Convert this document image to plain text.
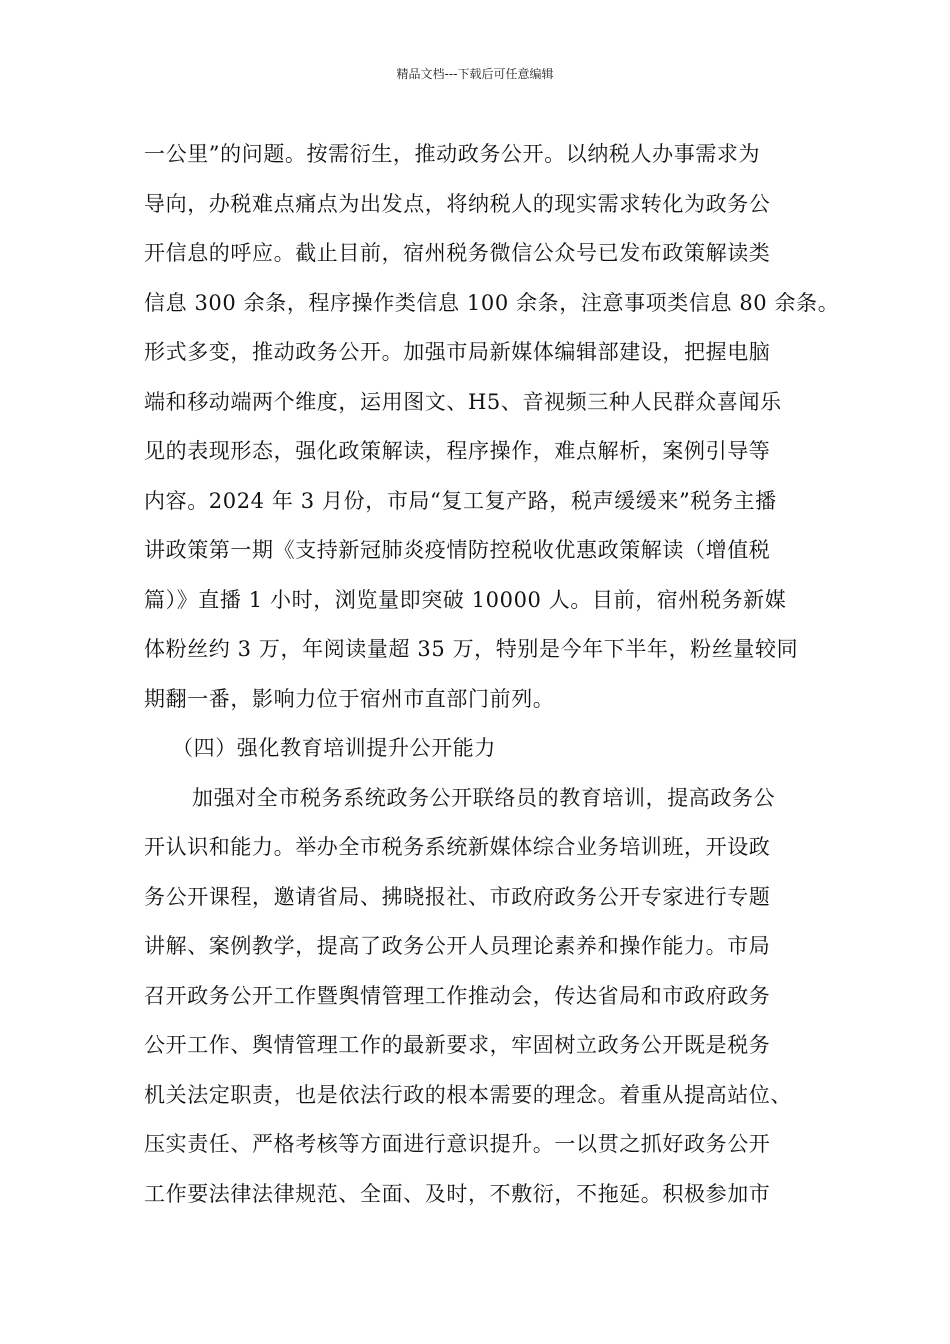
精品文档---下载后可任意编辑
一公里”的问题。按需衍生，推动政务公开。以纳税人办事需求为
导向，办税难点痛点为出发点，将纳税人的现实需求转化为政务公
开信息的呼应。截止目前，宿州税务微信公众号已发布政策解读类
信息 300 余条，程序操作类信息 100 余条，注意事项类信息 80 余条。
形式多变，推动政务公开。加强市局新媒体编辑部建设，把握电脑
端和移动端两个维度，运用图文、H5、音视频三种人民群众喜闻乐
见的表现形态，强化政策解读，程序操作，难点解析，案例引导等
内容。2024 年 3 月份，市局“复工复产路，税声缓缓来”税务主播
讲政策第一期《支持新冠肺炎疫情防控税收优惠政策解读（增值税
篇）》直播 1 小时，浏览量即突破 10000 人。目前，宿州税务新媒
体粉丝约 3 万，年阅读量超 35 万，特别是今年下半年，粉丝量较同
期翻一番，影响力位于宿州市直部门前列。
（四）强化教育培训提升公开能力
加强对全市税务系统政务公开联络员的教育培训，提高政务公
开认识和能力。举办全市税务系统新媒体综合业务培训班，开设政
务公开课程，邀请省局、拂晓报社、市政府政务公开专家进行专题
讲解、案例教学，提高了政务公开人员理论素养和操作能力。市局
召开政务公开工作暨舆情管理工作推动会，传达省局和市政府政务
公开工作、舆情管理工作的最新要求，牢固树立政务公开既是税务
机关法定职责，也是依法行政的根本需要的理念。着重从提高站位、
压实责任、严格考核等方面进行意识提升。一以贯之抓好政务公开
工作要法律法律规范、全面、及时，不敷衍，不拖延。积极参加市
